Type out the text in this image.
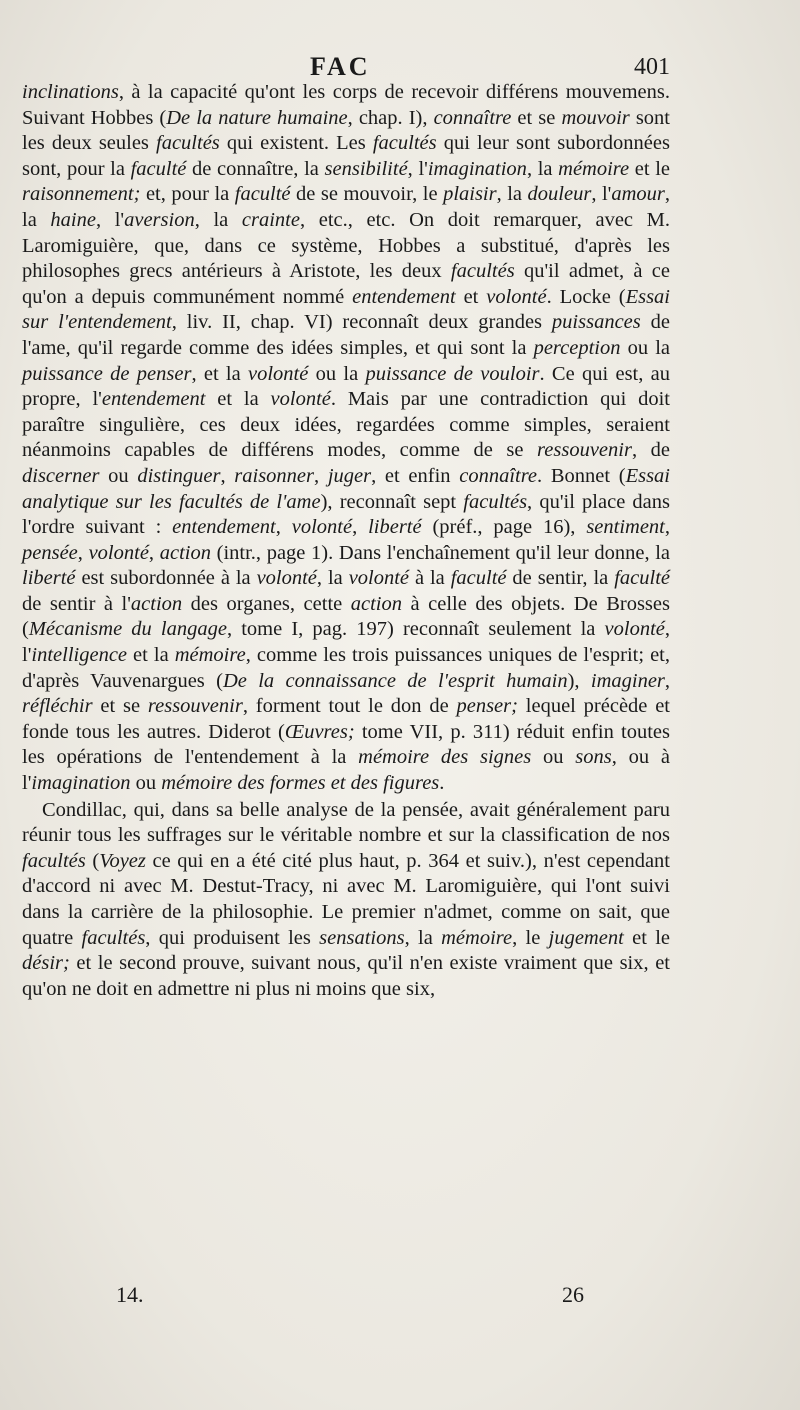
FAC	401

inclinations, à la capacité qu'ont les corps de recevoir différens mouvemens. Suivant Hobbes (De la nature humaine, chap. I), connaître et se mouvoir sont les deux seules facultés qui existent. Les facultés qui leur sont subordonnées sont, pour la faculté de connaître, la sensibilité, l'imagination, la mémoire et le raisonnement; et, pour la faculté de se mouvoir, le plaisir, la douleur, l'amour, la haine, l'aversion, la crainte, etc., etc. On doit remarquer, avec M. Laromiguière, que, dans ce système, Hobbes a substitué, d'après les philosophes grecs antérieurs à Aristote, les deux facultés qu'il admet, à ce qu'on a depuis communément nommé entendement et volonté. Locke (Essai sur l'entendement, liv. II, chap. VI) reconnaît deux grandes puissances de l'ame, qu'il regarde comme des idées simples, et qui sont la perception ou la puissance de penser, et la volonté ou la puissance de vouloir. Ce qui est, au propre, l'entendement et la volonté. Mais par une contradiction qui doit paraître singulière, ces deux idées, regardées comme simples, seraient néanmoins capables de différens modes, comme de se ressouvenir, de discerner ou distinguer, raisonner, juger, et enfin connaître. Bonnet (Essai analytique sur les facultés de l'ame), reconnaît sept facultés, qu'il place dans l'ordre suivant : entendement, volonté, liberté (préf., page 16), sentiment, pensée, volonté, action (intr., page 1). Dans l'enchaînement qu'il leur donne, la liberté est subordonnée à la volonté, la volonté à la faculté de sentir, la faculté de sentir à l'action des organes, cette action à celle des objets. De Brosses (Mécanisme du langage, tome I, pag. 197) reconnaît seulement la volonté, l'intelligence et la mémoire, comme les trois puissances uniques de l'esprit; et, d'après Vauvenargues (De la connaissance de l'esprit humain), imaginer, réfléchir et se ressouvenir, forment tout le don de penser; lequel précède et fonde tous les autres. Diderot (Œuvres; tome VII, p. 311) réduit enfin toutes les opérations de l'entendement à la mémoire des signes ou sons, ou à l'imagination ou mémoire des formes et des figures.

Condillac, qui, dans sa belle analyse de la pensée, avait généralement paru réunir tous les suffrages sur le véritable nombre et sur la classification de nos facultés (Voyez ce qui en a été cité plus haut, p. 364 et suiv.), n'est cependant d'accord ni avec M. Destut-Tracy, ni avec M. Laromiguière, qui l'ont suivi dans la carrière de la philosophie. Le premier n'admet, comme on sait, que quatre facultés, qui produisent les sensations, la mémoire, le jugement et le désir; et le second prouve, suivant nous, qu'il n'en existe vraiment que six, et qu'on ne doit en admettre ni plus ni moins que six,

14.	26
